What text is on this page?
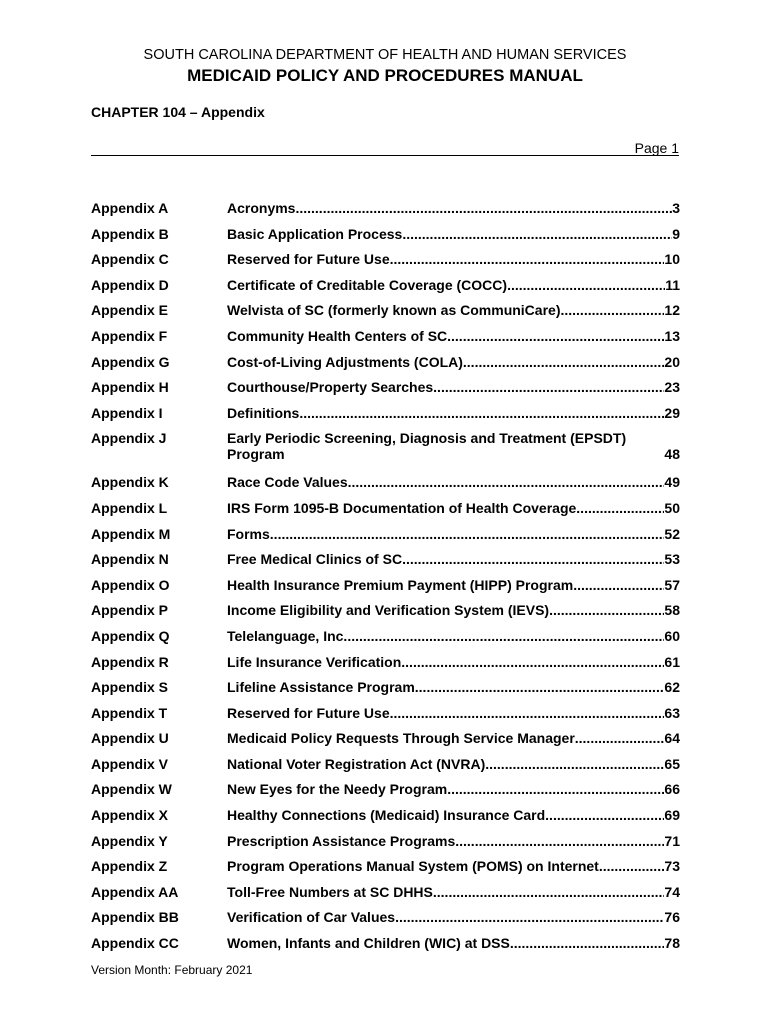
SOUTH CAROLINA DEPARTMENT OF HEALTH AND HUMAN SERVICES
MEDICAID POLICY AND PROCEDURES MANUAL
CHAPTER 104 – Appendix
Page 1
Appendix A	Acronyms .....	3
Appendix B	Basic Application Process .....	9
Appendix C	Reserved for Future Use .....	10
Appendix D	Certificate of Creditable Coverage (COCC) .....	11
Appendix E	Welvista of SC (formerly known as CommuniCare) .....	12
Appendix F	Community Health Centers of SC .....	13
Appendix G	Cost-of-Living Adjustments (COLA) .....	20
Appendix H	Courthouse/Property Searches .....	23
Appendix I	Definitions .....	29
Appendix J	Early Periodic Screening, Diagnosis and Treatment (EPSDT) Program	48
Appendix K	Race Code Values .....	49
Appendix L	IRS Form 1095-B Documentation of Health Coverage .....	50
Appendix M	Forms .....	52
Appendix N	Free Medical Clinics of SC .....	53
Appendix O	Health Insurance Premium Payment (HIPP) Program .....	57
Appendix P	Income Eligibility and Verification System (IEVS) .....	58
Appendix Q	Telelanguage, Inc. .....	60
Appendix R	Life Insurance Verification .....	61
Appendix S	Lifeline Assistance Program .....	62
Appendix T	Reserved for Future Use .....	63
Appendix U	Medicaid Policy Requests Through Service Manager .....	64
Appendix V	National Voter Registration Act (NVRA) .....	65
Appendix W	New Eyes for the Needy Program .....	66
Appendix X	Healthy Connections (Medicaid) Insurance Card .....	69
Appendix Y	Prescription Assistance Programs .....	71
Appendix Z	Program Operations Manual System (POMS) on Internet .....	73
Appendix AA	Toll-Free Numbers at SC DHHS .....	74
Appendix BB	Verification of Car Values .....	76
Appendix CC	Women, Infants and Children (WIC) at DSS .....	78
Version Month: February 2021
